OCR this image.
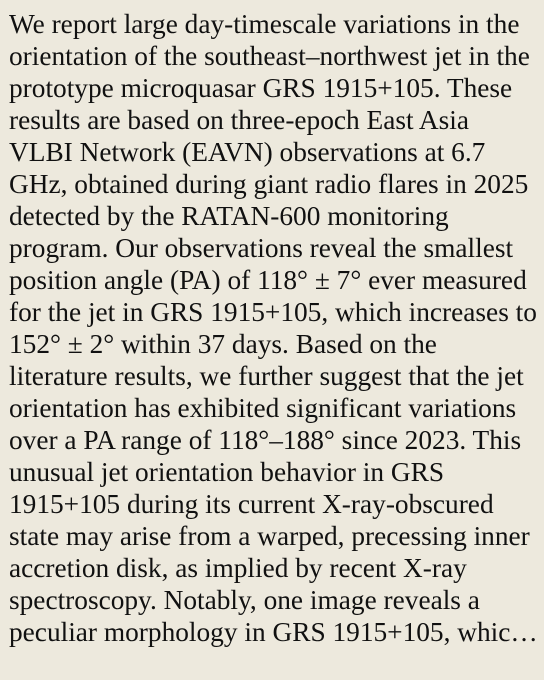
We report large day-timescale variations in the orientation of the southeast–northwest jet in the prototype microquasar GRS 1915+105. These results are based on three-epoch East Asia VLBI Network (EAVN) observations at 6.7 GHz, obtained during giant radio flares in 2025 detected by the RATAN-600 monitoring program. Our observations reveal the smallest position angle (PA) of 118° ± 7° ever measured for the jet in GRS 1915+105, which increases to 152° ± 2° within 37 days. Based on the literature results, we further suggest that the jet orientation has exhibited significant variations over a PA range of 118°–188° since 2023. This unusual jet orientation behavior in GRS 1915+105 during its current X-ray-obscured state may arise from a warped, precessing inner accretion disk, as implied by recent X-ray spectroscopy. Notably, one image reveals a peculiar morphology in GRS 1915+105, whic…
